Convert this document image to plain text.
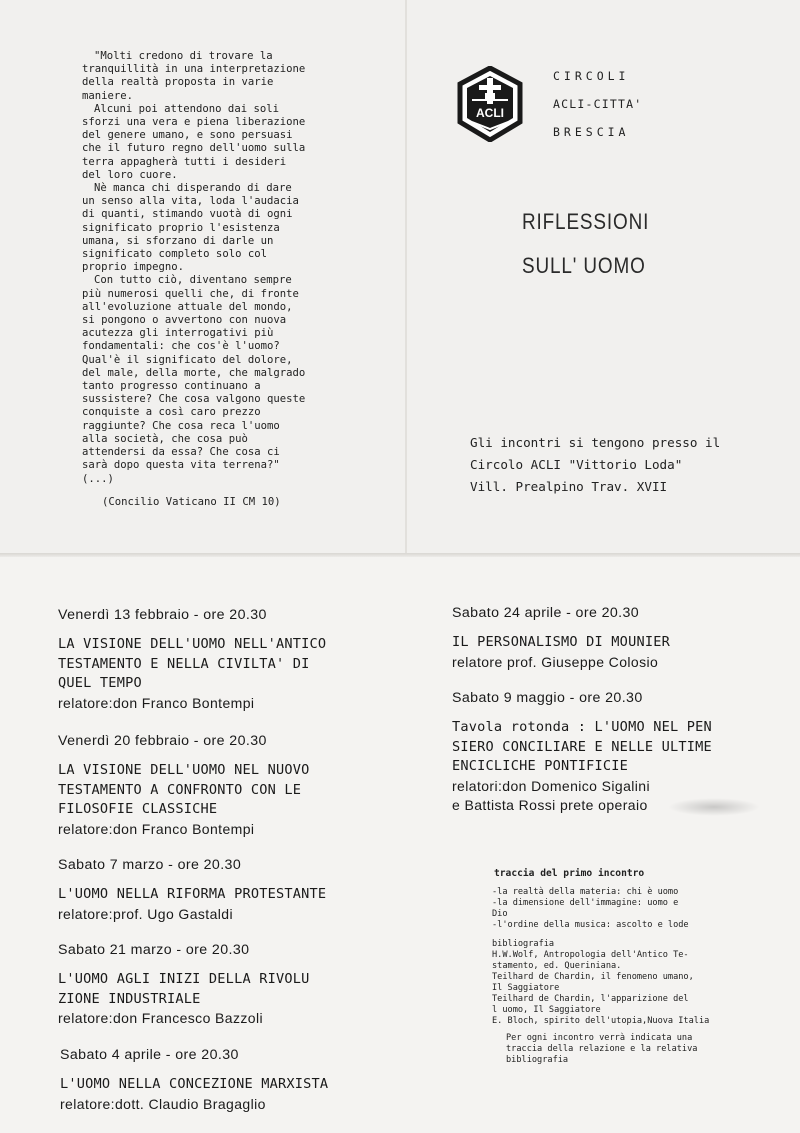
"Molti credono di trovare la tranquillità in una interpretazione della realtà proposta in varie maniere.

Alcuni poi attendono dai soli sforzi una vera e piena liberazione del genere umano, e sono persuasi che il futuro regno dell'uomo sulla terra appagherà tutti i desideri del loro cuore.

Nè manca chi disperando di dare un senso alla vita, loda l'audacia di quanti, stimando vuotà di ogni significato proprio l'esistenza umana, si sforzano di darle un significato completo solo col proprio impegno.

Con tutto ciò, diventano sempre più numerosi quelli che, di fronte all'evoluzione attuale del mondo, si pongono o avvertono con nuova acutezza gli interrogativi più fondamentali: che cos'è l'uomo? Qual'è il significato del dolore, del male, della morte, che malgrado tanto progresso continuano a sussistere? Che cosa valgono queste conquiste a così caro prezzo raggiunte? Che cosa reca l'uomo alla società, che cosa può attendersi da essa? Che cosa ci sarà dopo questa vita terrena?"(...)

(Concilio Vaticano II CM 10)

ACLI
CIRCOLI
ACLI-CITTA'
BRESCIA
RIFLESSIONI
SULL' UOMO
Gli incontri si tengono presso il
Circolo ACLI "Vittorio Loda"
Vill. Prealpino Trav. XVII
Venerdì 13 febbraio - ore 20.30
LA VISIONE DELL'UOMO NELL'ANTICO
TESTAMENTO E NELLA CIVILTA' DI
QUEL TEMPO
relatore:don Franco Bontempi
Venerdì 20 febbraio - ore 20.30
LA VISIONE DELL'UOMO NEL NUOVO
TESTAMENTO A CONFRONTO CON LE
FILOSOFIE CLASSICHE
relatore:don Franco Bontempi
Sabato 7 marzo - ore 20.30
L'UOMO NELLA RIFORMA PROTESTANTE
relatore:prof. Ugo Gastaldi
Sabato 21 marzo - ore 20.30
L'UOMO AGLI INIZI DELLA RIVOLU
ZIONE INDUSTRIALE
relatore:don Francesco Bazzoli
Sabato 4 aprile - ore 20.30
L'UOMO NELLA CONCEZIONE MARXISTA
relatore:dott. Claudio Bragaglio
Sabato 24 aprile - ore 20.30
IL PERSONALISMO DI MOUNIER
relatore prof. Giuseppe Colosio
Sabato 9 maggio - ore 20.30
Tavola rotonda : L'UOMO NEL PEN
SIERO CONCILIARE E NELLE ULTIME
ENCICLICHE PONTIFICIE
relatori:don Domenico Sigalini
e Battista Rossi prete operaio
traccia del primo incontro
-la realtà della materia: chi è uomo
-la dimensione dell'immagine: uomo e
Dio
-l'ordine della musica: ascolto e lode
bibliografia
H.W.Wolf, Antropologia dell'Antico Te-
stamento, ed. Queriniana.
Teilhard de Chardin, il fenomeno umano,
Il Saggiatore
Teilhard de Chardin, l'apparizione del
l uomo, Il Saggiatore
E. Bloch, spirito dell'utopia,Nuova Italia
Per ogni incontro verrà indicata una
traccia della relazione e la relativa
bibliografia
